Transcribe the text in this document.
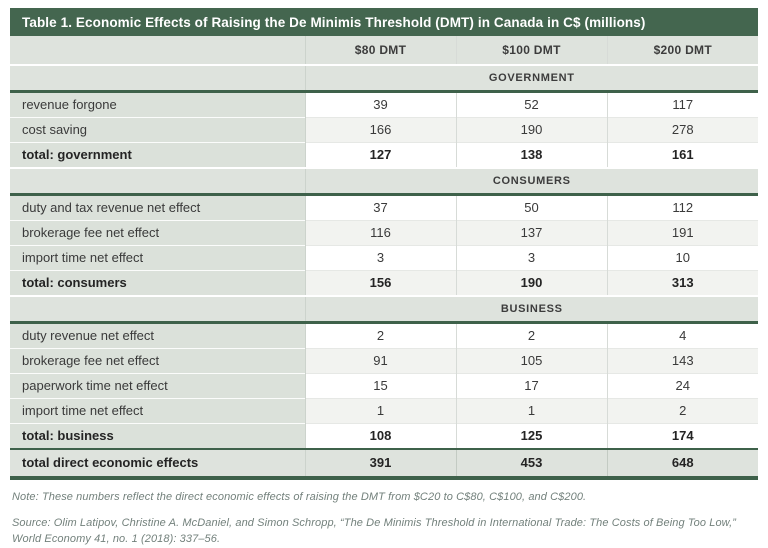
Table 1. Economic Effects of Raising the De Minimis Threshold (DMT) in Canada in C$ (millions)			
	$80 DMT	$100 DMT	$200 DMT
	GOVERNMENT		
revenue forgone	39	52	117
cost saving	166	190	278
total: government	127	138	161
	CONSUMERS		
duty and tax revenue net effect	37	50	112
brokerage fee net effect	116	137	191
import time net effect	3	3	10
total: consumers	156	190	313
	BUSINESS		
duty revenue net effect	2	2	4
brokerage fee net effect	91	105	143
paperwork time net effect	15	17	24
import time net effect	1	1	2
total: business	108	125	174
total direct economic effects	391	453	648

Note: These numbers reflect the direct economic effects of raising the DMT from $C20 to C$80, C$100, and C$200.

Source: Olim Latipov, Christine A. McDaniel, and Simon Schropp, “The De Minimis Threshold in International Trade: The Costs of Being Too Low,” World Economy 41, no. 1 (2018): 337–56.
